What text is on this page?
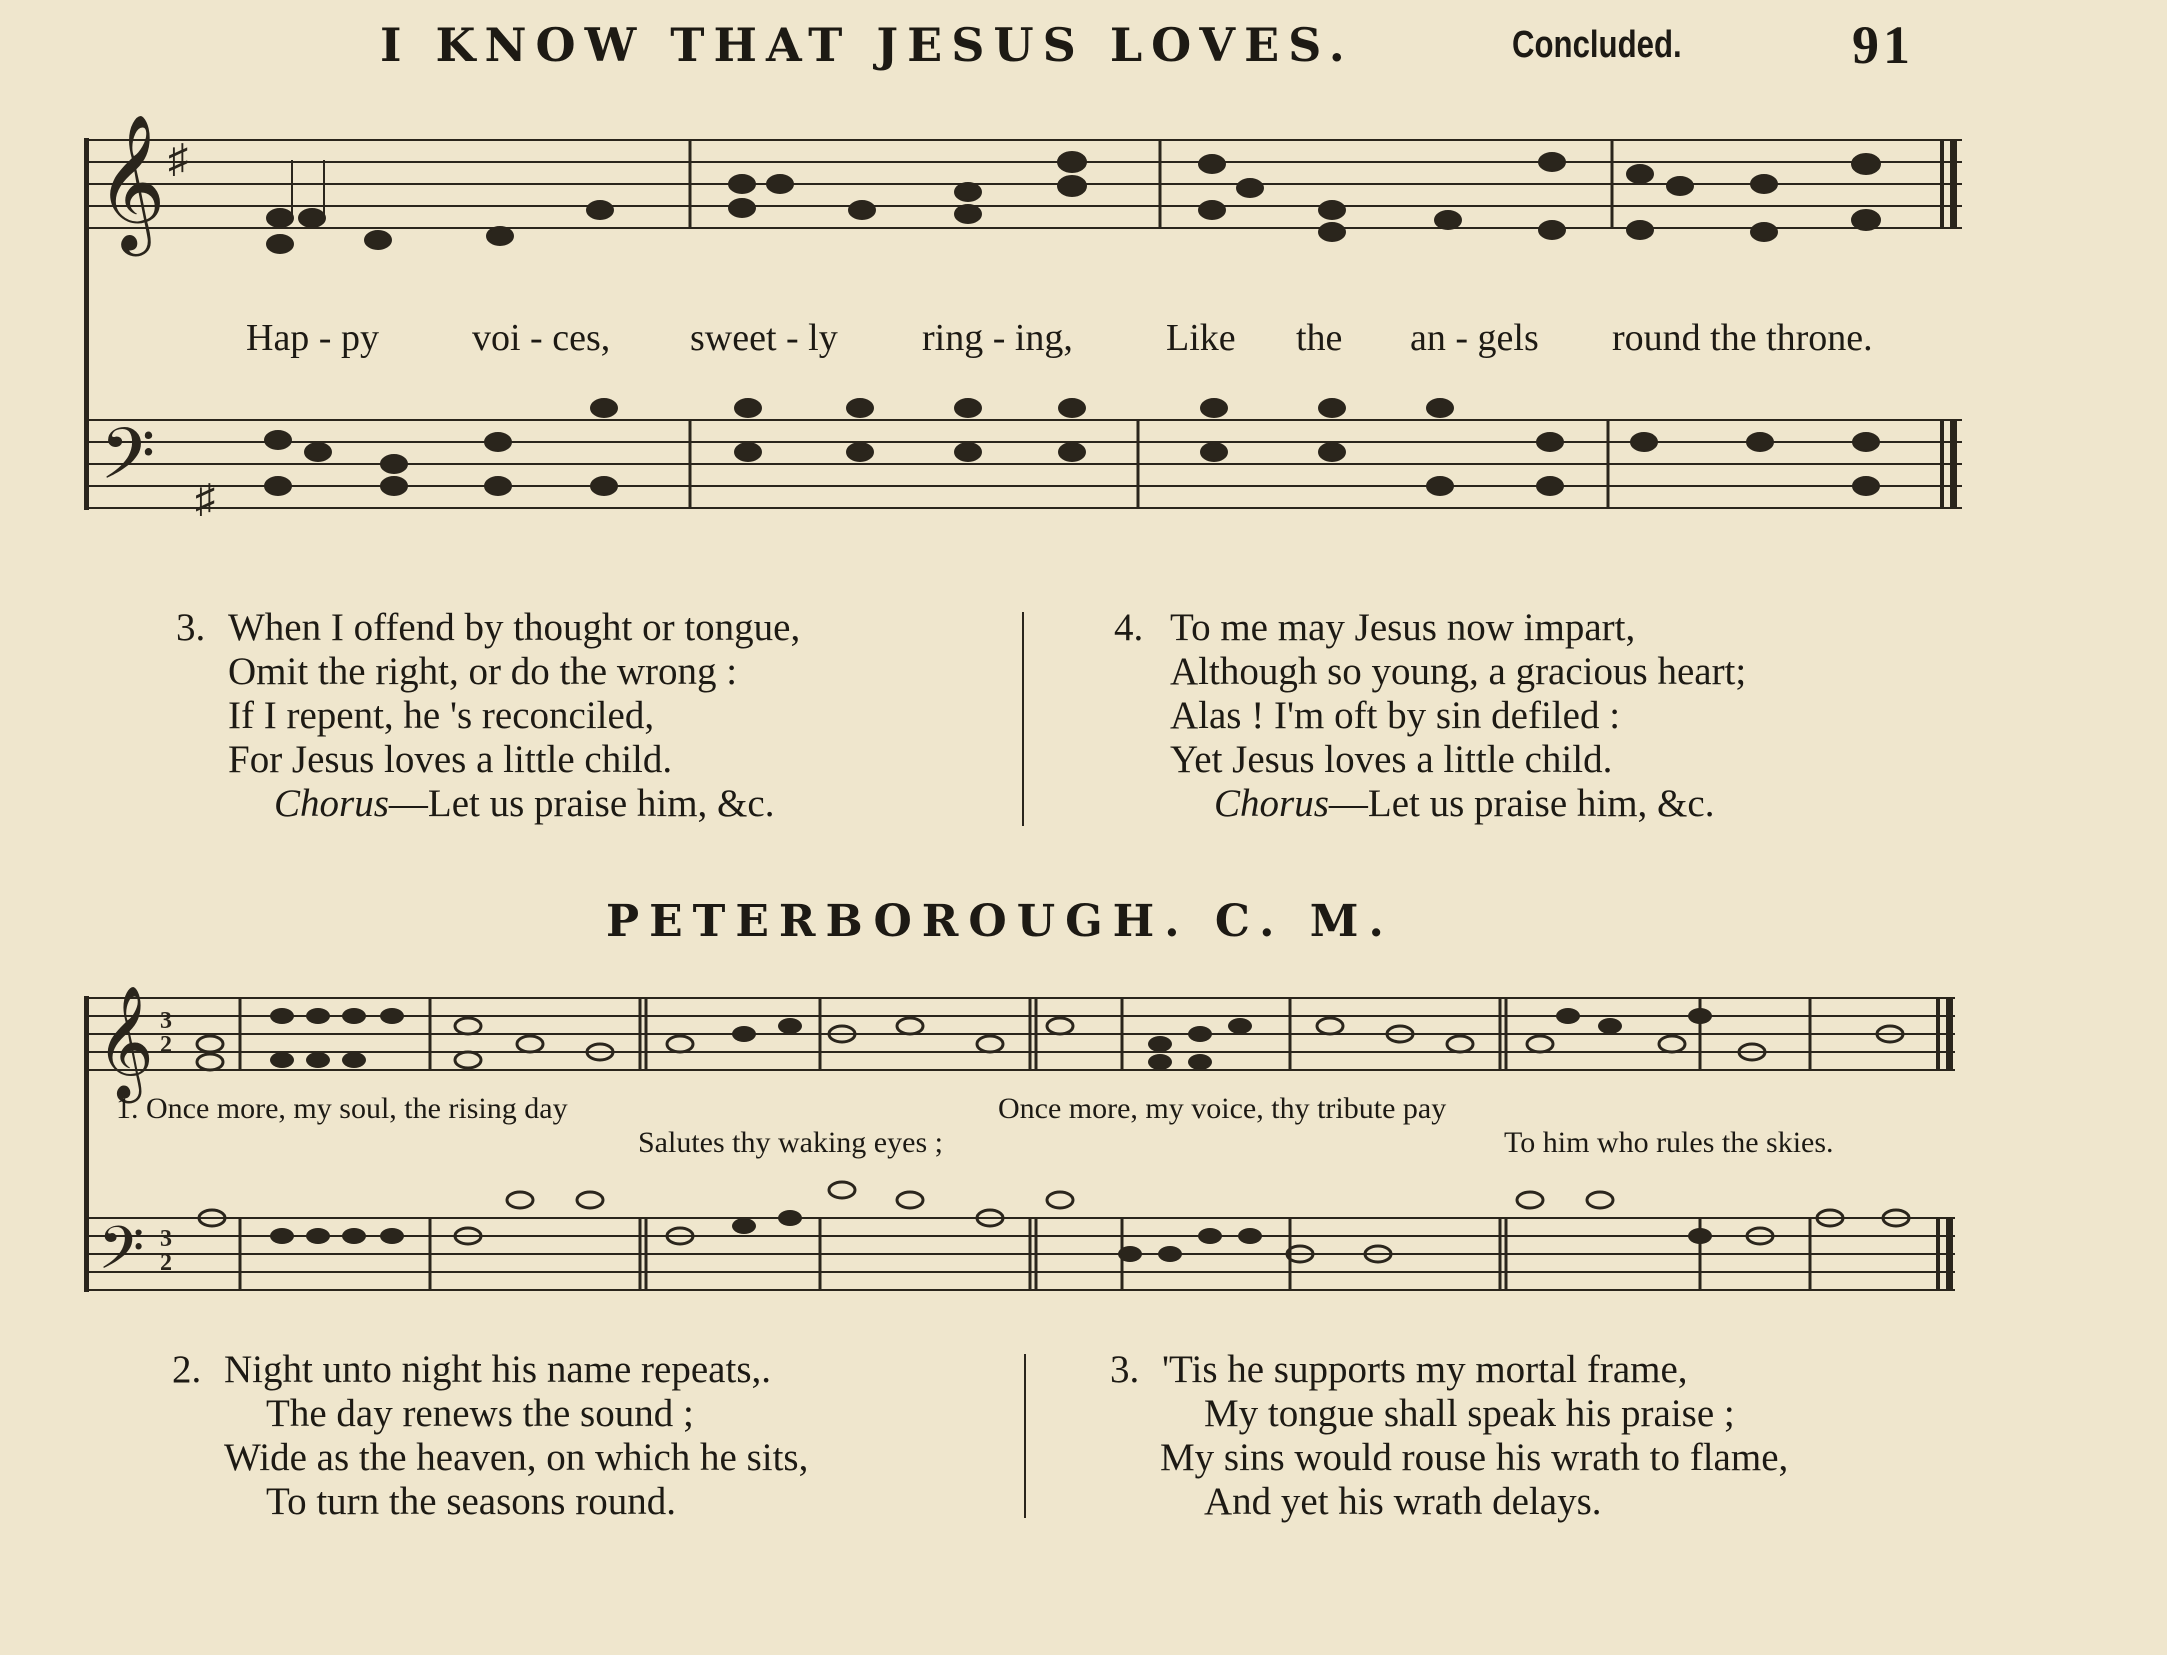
I KNOW THAT JESUS LOVES.	Concluded.	91
𝄞
𝄢
♯
♯
𝄞
𝄢
3
2
3
2
Hap - py voi - ces, sweet - ly ring - ing, Like the an - gels round the throne.
3. When I offend by thought or tongue,
Omit the right, or do the wrong :
If I repent, he 's reconciled,
For Jesus loves a little child.
Chorus—Let us praise him, &c.
4. To me may Jesus now impart,
Although so young, a gracious heart;
Alas ! I'm oft by sin defiled :
Yet Jesus loves a little child.
Chorus—Let us praise him, &c.
PETERBOROUGH. C. M.
1. Once more, my soul, the rising day	Once more, my voice, thy tribute pay
Salutes thy waking eyes ;	To him who rules the skies.
2. Night unto night his name repeats,.
The day renews the sound ;
Wide as the heaven, on which he sits,
To turn the seasons round.
3. 'Tis he supports my mortal frame,
My tongue shall speak his praise ;
My sins would rouse his wrath to flame,
And yet his wrath delays.
